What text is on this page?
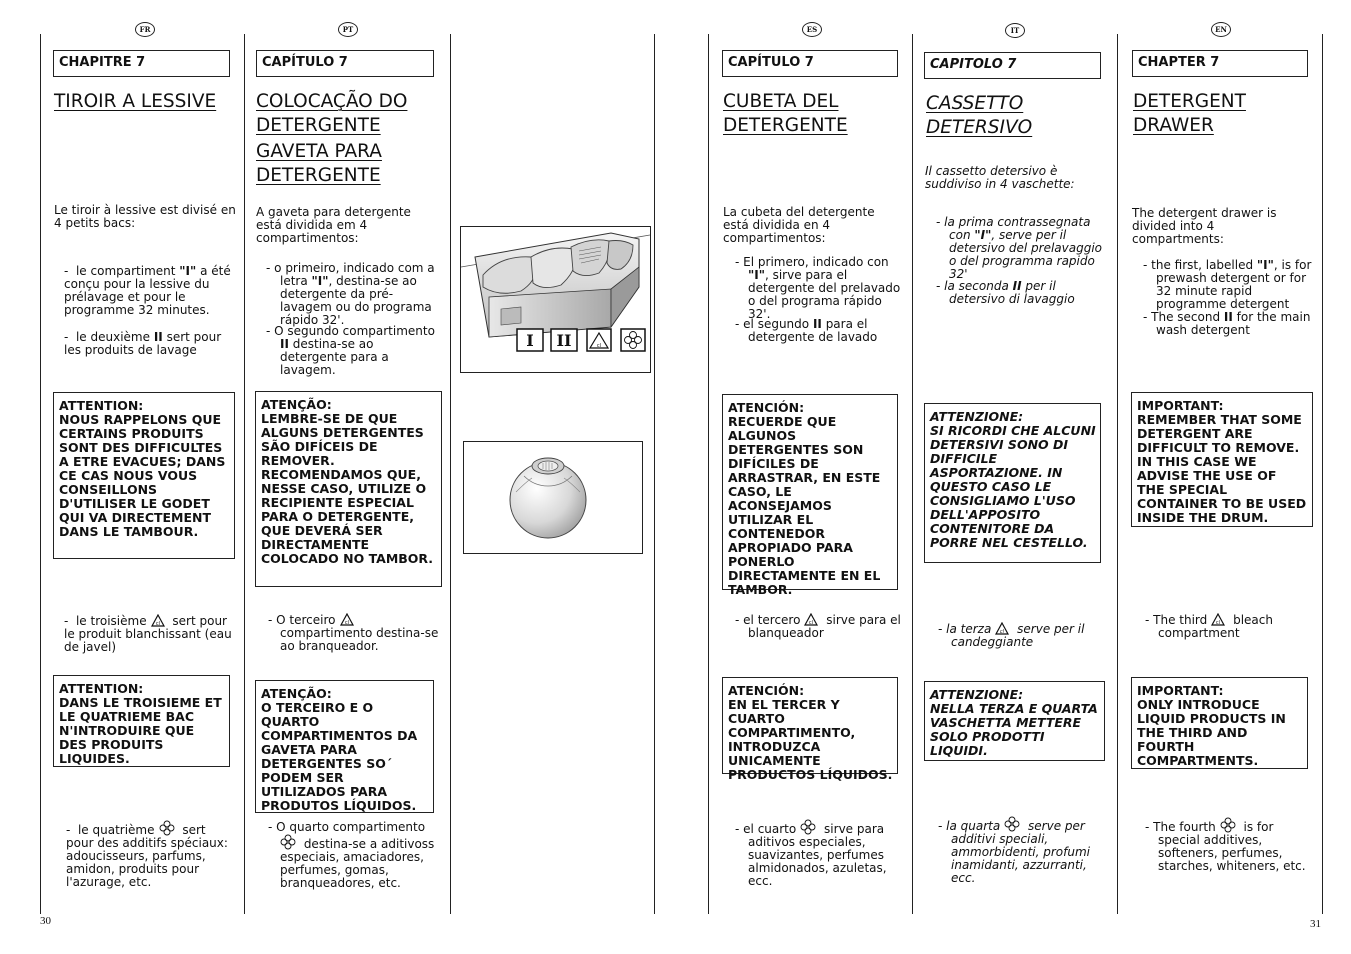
FR	PT	ES	IT	EN
CHAPITRE 7
TIROIR A LESSIVE
Le tiroir à lessive est divisé en 4 petits bacs:
-  le compartiment "I" a été conçu pour la lessive du prélavage et pour le programme 32 minutes.
-  le deuxième II sert pour les produits de lavage
ATTENTION:
NOUS RAPPELONS QUE CERTAINS PRODUITS SONT DES DIFFICULTES A ETRE EVACUES; DANS CE CAS NOUS VOUS CONSEILLONS D'UTILISER LE GODET QUI VA DIRECTEMENT DANS LE TAMBOUR.
-  le troisième cl sert pour le produit blanchissant (eau de javel)
ATTENTION:
DANS LE TROISIEME ET LE QUATRIEME BAC N'INTRODUIRE QUE DES PRODUITS LIQUIDES.
-  le quatrième sert pour des additifs spéciaux: adoucisseurs, parfums, amidon, produits pour l'azurage, etc.
CAPÍTULO 7
COLOCAÇÃO DO DETERGENTE
GAVETA PARA DETERGENTE
A gaveta para detergente está dividida em 4 compartimentos:
- o primeiro, indicado com a letra "I", destina-se ao detergente da pré-lavagem ou do programa rápido 32'.
- O segundo compartimento II destina-se ao detergente para a lavagem.
ATENÇÃO:
LEMBRE-SE DE QUE ALGUNS DETERGENTES SÃO DIFÍCEIS DE REMOVER. RECOMENDAMOS QUE, NESSE CASO, UTILIZE O RECIPIENTE ESPECIAL PARA O DETERGENTE, QUE DEVERÁ SER DIRECTAMENTE COLOCADO NO TAMBOR.
- O terceiro cl
compartimento destina-se ao branqueador.
ATENÇÃO:
O TERCEIRO E O QUARTO COMPARTIMENTOS DA GAVETA PARA DETERGENTES SO´ PODEM SER UTILIZADOS PARA PRODUTOS LÍQUIDOS.
- O quarto compartimento
destina-se a aditivoss especiais, amaciadores, perfumes, gomas, branqueadores, etc.
I II	cl
CAPÍTULO 7
CUBETA DEL DETERGENTE
La cubeta del detergente está dividida en 4 compartimentos:
- El primero, indicado con "I", sirve para el detergente del prelavado o del programa rápido 32'.
- el segundo II para el detergente de lavado
ATENCIÓN:
RECUERDE QUE ALGUNOS DETERGENTES SON DIFÍCILES DE ARRASTRAR, EN ESTE CASO, LE ACONSEJAMOS UTILIZAR EL CONTENEDOR APROPIADO PARA PONERLO DIRECTAMENTE EN EL TAMBOR.
- el tercero cl sirve para el blanqueador
ATENCIÓN:
EN EL TERCER Y CUARTO COMPARTIMENTO, INTRODUZCA UNICAMENTE PRODUCTOS LÍQUIDOS.
- el cuarto sirve para aditivos especiales, suavizantes, perfumes almidonados, azuletas, ecc.
CAPITOLO 7
CASSETTO DETERSIVO
Il cassetto detersivo è suddiviso in 4 vaschette:
- la prima contrassegnata con "I", serve per il detersivo del prelavaggio o del programma rapido 32'
- la seconda II per il detersivo di lavaggio
ATTENZIONE:
SI RICORDI CHE ALCUNI DETERSIVI SONO DI DIFFICILE ASPORTAZIONE. IN QUESTO CASO LE CONSIGLIAMO L'USO DELL'APPOSITO CONTENITORE DA PORRE NEL CESTELLO.
- la terza cl serve per il candeggiante
ATTENZIONE:
NELLA TERZA E QUARTA VASCHETTA METTERE SOLO PRODOTTI LIQUIDI.
- la quarta serve per additivi speciali, ammorbidenti, profumi inamidanti, azzurranti, ecc.
CHAPTER 7
DETERGENT DRAWER
The detergent drawer is divided into 4 compartments:
- the first, labelled "I", is for prewash detergent or for 32 minute rapid programme detergent
- The second II for the main wash detergent
IMPORTANT:
REMEMBER THAT SOME DETERGENT ARE DIFFICULT TO REMOVE. IN THIS CASE WE ADVISE THE USE OF THE SPECIAL CONTAINER TO BE USED INSIDE THE DRUM.
- The third cl bleach compartment
IMPORTANT:
ONLY INTRODUCE LIQUID PRODUCTS IN THE THIRD AND FOURTH COMPARTMENTS.
- The fourth is for special additives, softeners, perfumes, starches, whiteners, etc.
30	31
